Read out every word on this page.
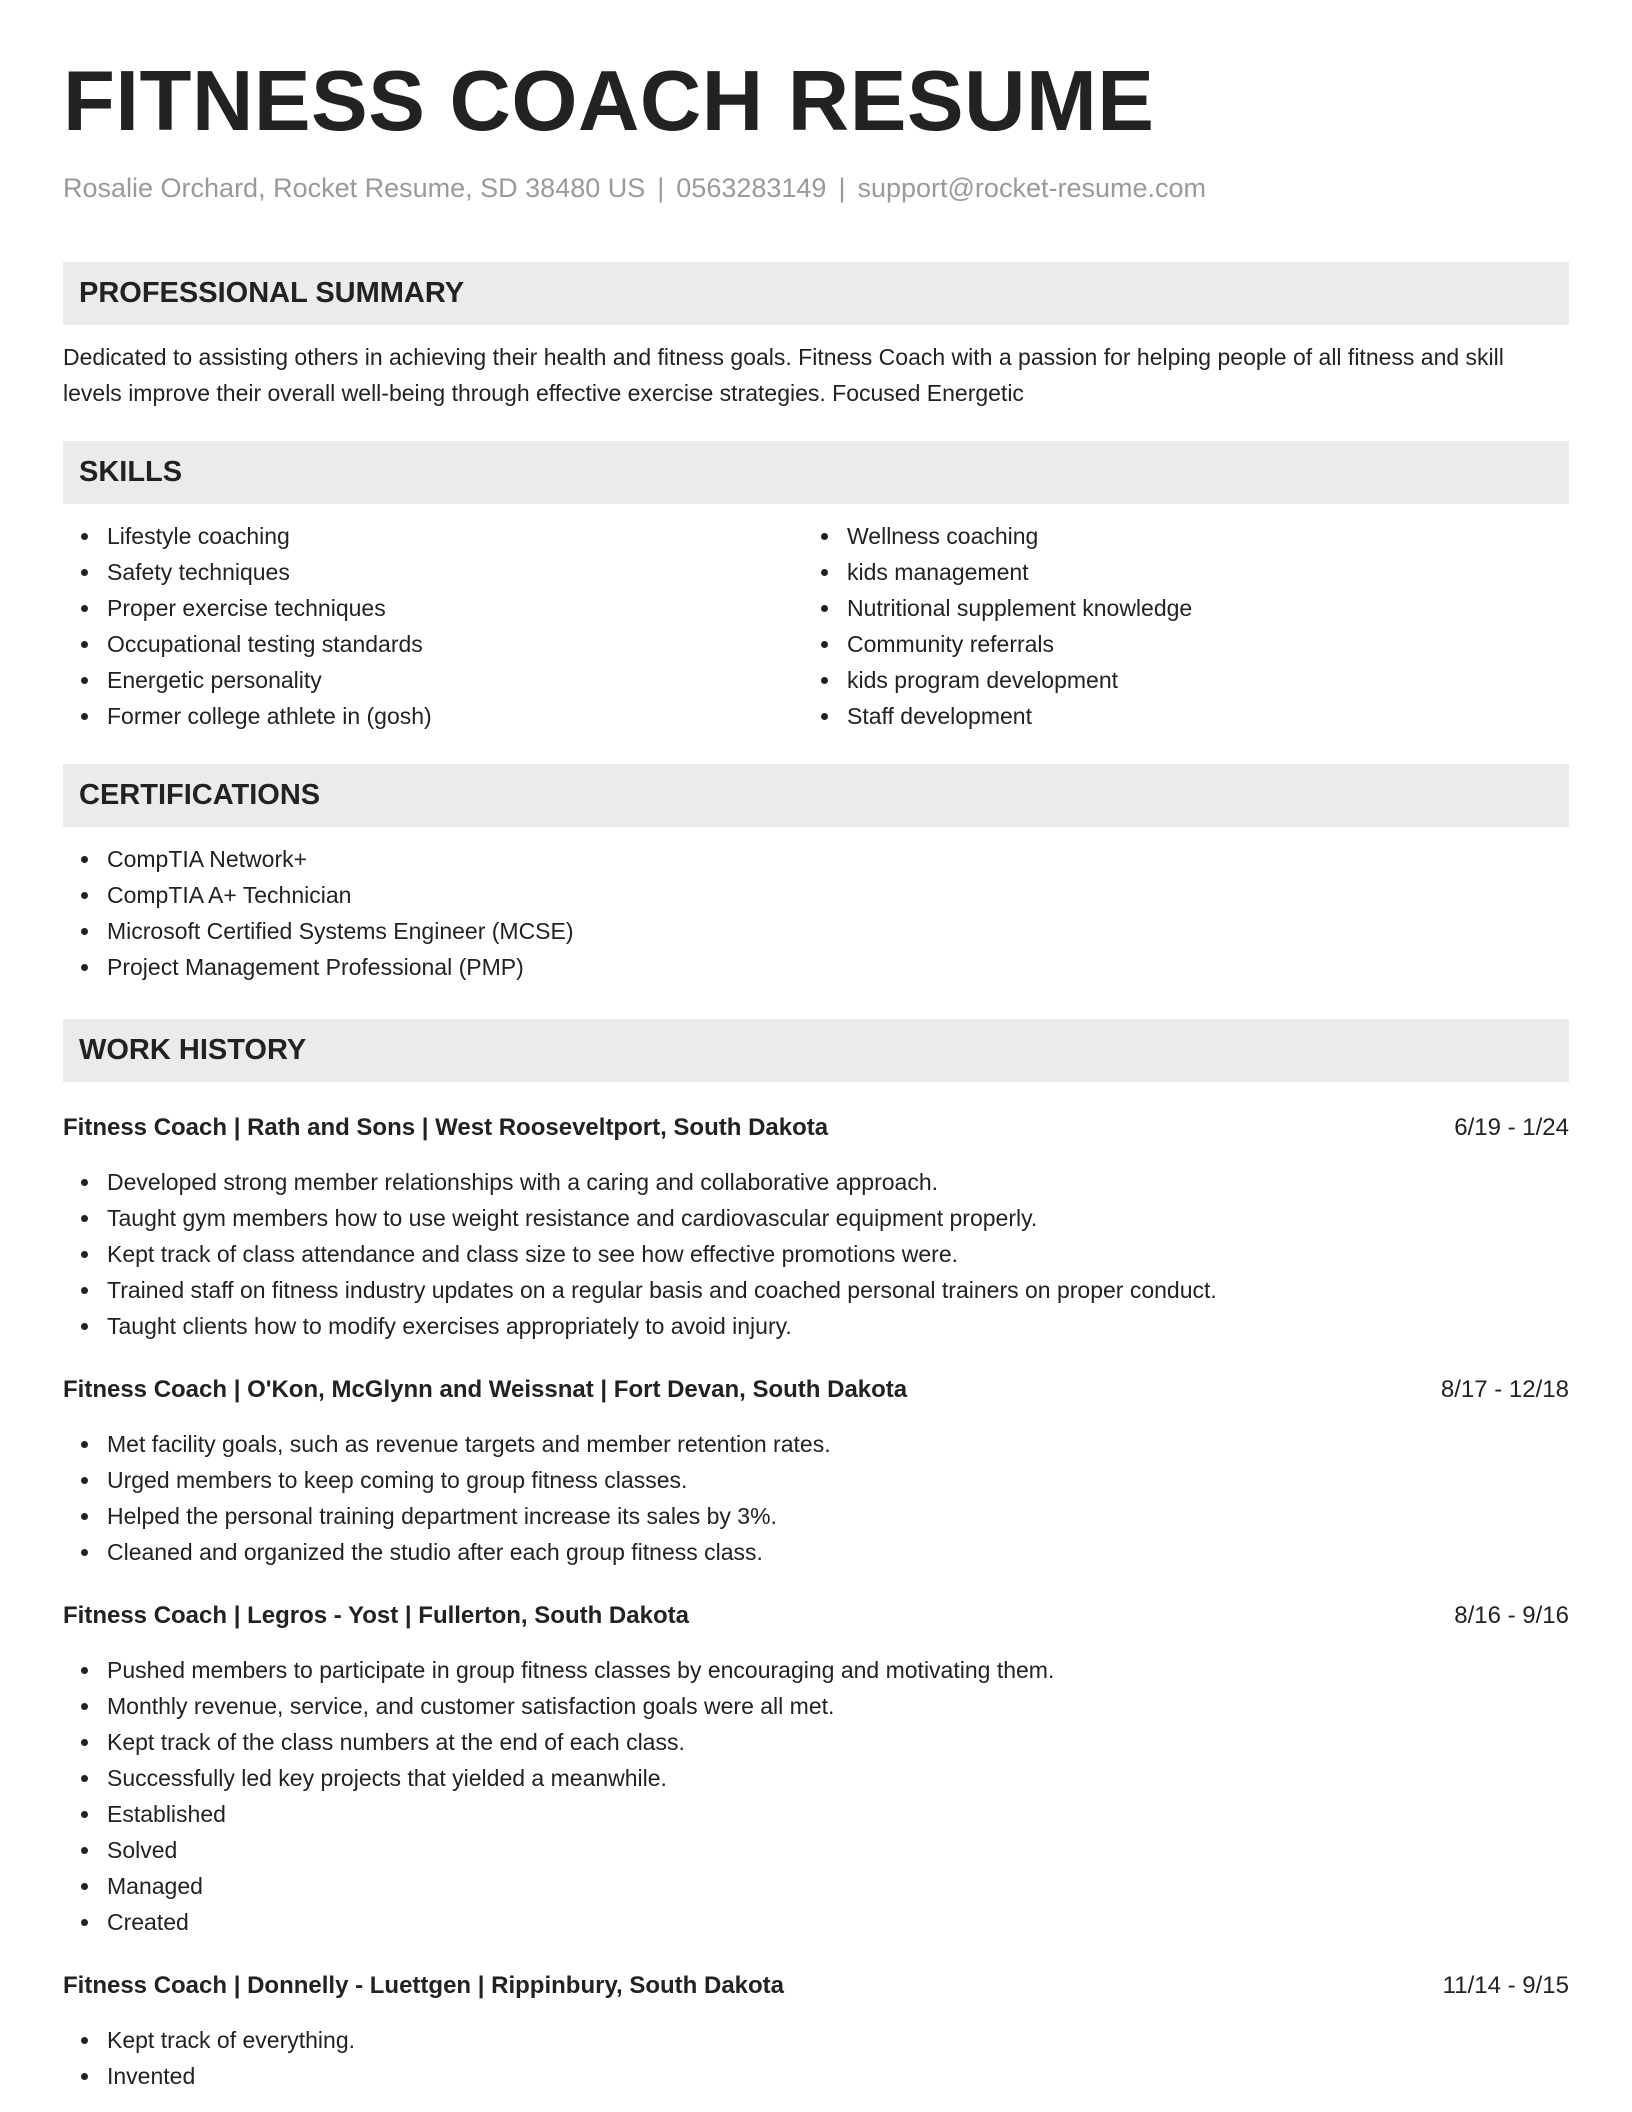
FITNESS COACH RESUME
Rosalie Orchard, Rocket Resume, SD 38480 US | 0563283149 | support@rocket-resume.com
PROFESSIONAL SUMMARY

Dedicated to assisting others in achieving their health and fitness goals. Fitness Coach with a passion for helping people of all fitness and skill levels improve their overall well-being through effective exercise strategies. Focused Energetic

SKILLS
Lifestyle coaching
Safety techniques
Proper exercise techniques
Occupational testing standards
Energetic personality
Former college athlete in (gosh)
Wellness coaching
kids management
Nutritional supplement knowledge
Community referrals
kids program development
Staff development
CERTIFICATIONS
CompTIA Network+
CompTIA A+ Technician
Microsoft Certified Systems Engineer (MCSE)
Project Management Professional (PMP)
WORK HISTORY
Fitness Coach | Rath and Sons | West Rooseveltport, South Dakota	6/19 - 1/24
Developed strong member relationships with a caring and collaborative approach.
Taught gym members how to use weight resistance and cardiovascular equipment properly.
Kept track of class attendance and class size to see how effective promotions were.
Trained staff on fitness industry updates on a regular basis and coached personal trainers on proper conduct.
Taught clients how to modify exercises appropriately to avoid injury.
Fitness Coach | O'Kon, McGlynn and Weissnat | Fort Devan, South Dakota	8/17 - 12/18
Met facility goals, such as revenue targets and member retention rates.
Urged members to keep coming to group fitness classes.
Helped the personal training department increase its sales by 3%.
Cleaned and organized the studio after each group fitness class.
Fitness Coach | Legros - Yost | Fullerton, South Dakota	8/16 - 9/16
Pushed members to participate in group fitness classes by encouraging and motivating them.
Monthly revenue, service, and customer satisfaction goals were all met.
Kept track of the class numbers at the end of each class.
Successfully led key projects that yielded a meanwhile.
Established
Solved
Managed
Created
Fitness Coach | Donnelly - Luettgen | Rippinbury, South Dakota	11/14 - 9/15
Kept track of everything.
Invented
